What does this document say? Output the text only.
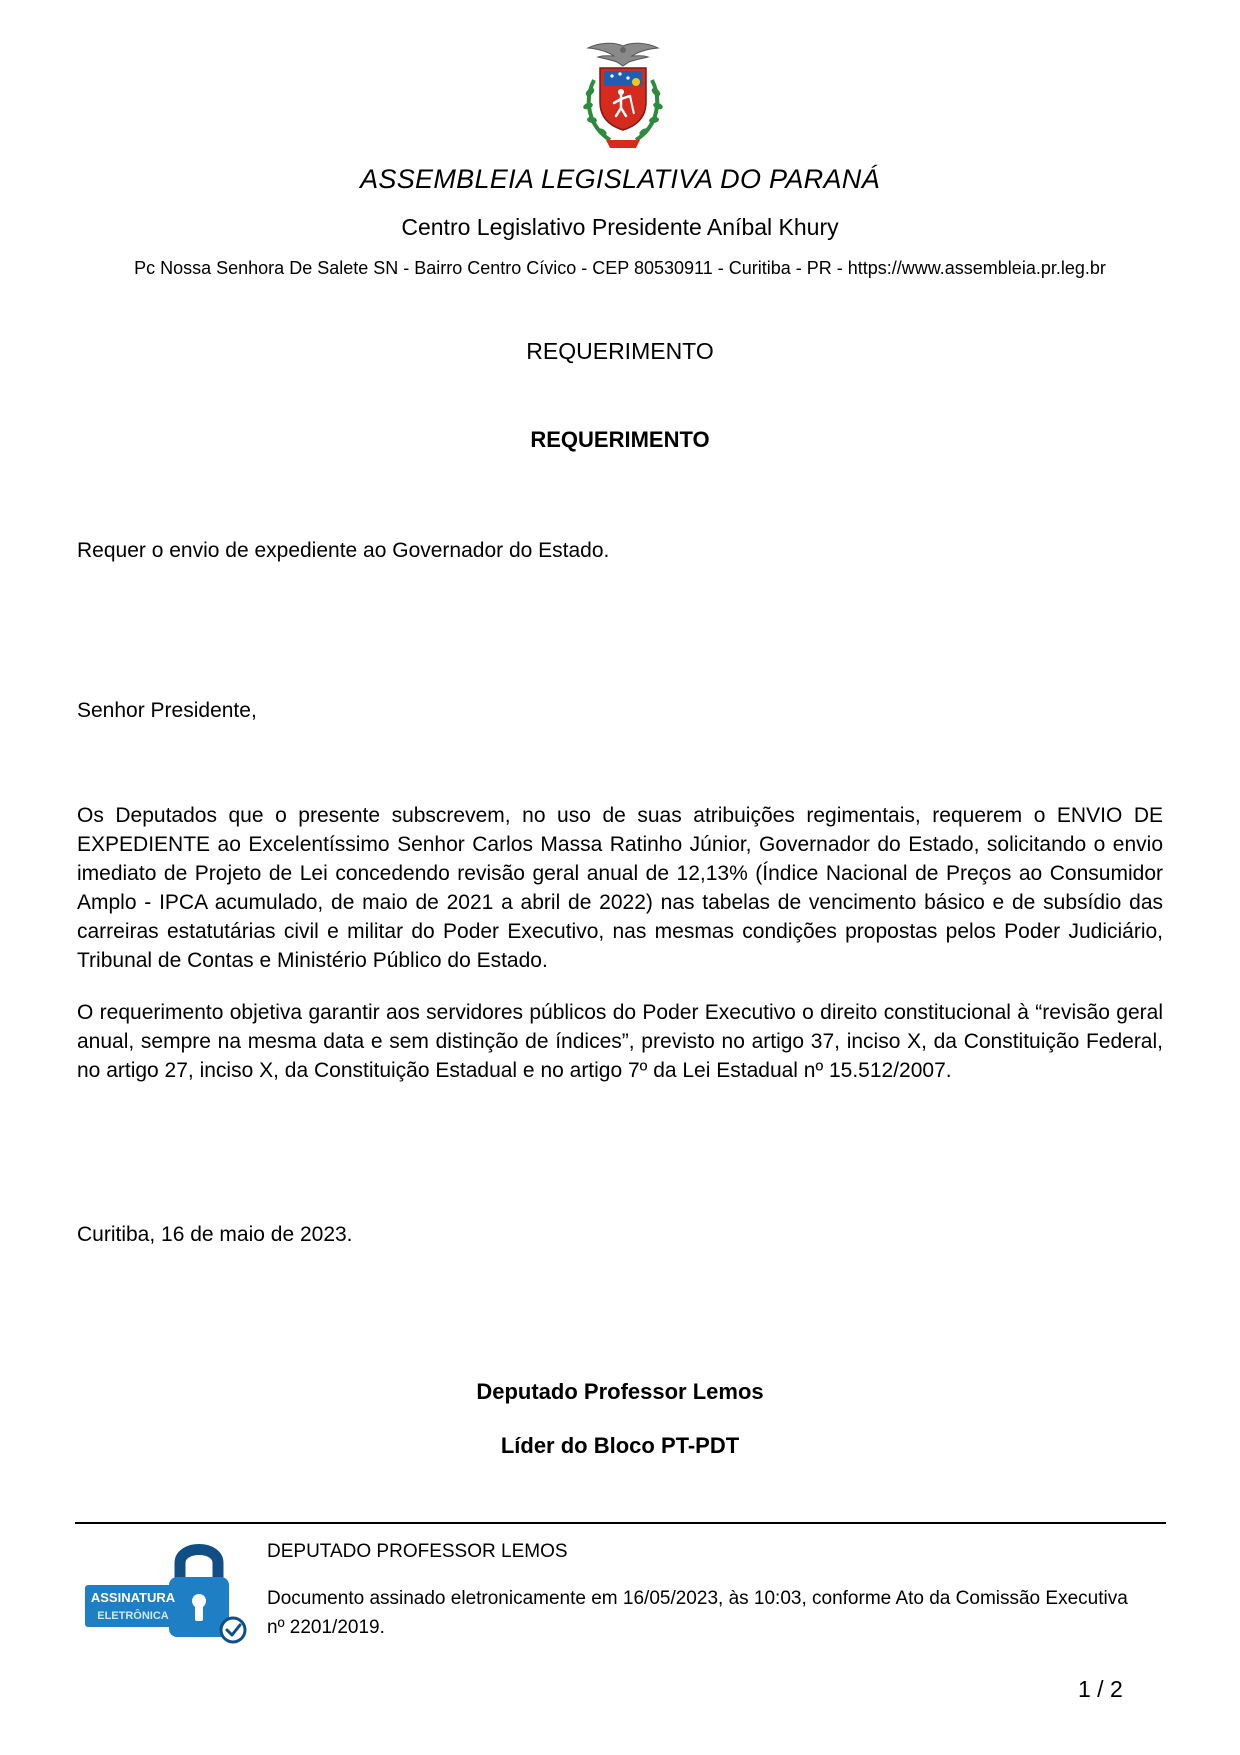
ASSEMBLEIA LEGISLATIVA DO PARANÁ
Centro Legislativo Presidente Aníbal Khury
Pc Nossa Senhora De Salete SN - Bairro Centro Cívico - CEP 80530911 - Curitiba - PR - https://www.assembleia.pr.leg.br
REQUERIMENTO
REQUERIMENTO
Requer o envio de expediente ao Governador do Estado.
Senhor Presidente,
Os Deputados que o presente subscrevem, no uso de suas atribuições regimentais, requerem o ENVIO DE EXPEDIENTE ao Excelentíssimo Senhor Carlos Massa Ratinho Júnior, Governador do Estado, solicitando o envio imediato de Projeto de Lei concedendo revisão geral anual de 12,13% (Índice Nacional de Preços ao Consumidor Amplo - IPCA acumulado, de maio de 2021 a abril de 2022) nas tabelas de vencimento básico e de subsídio das carreiras estatutárias civil e militar do Poder Executivo, nas mesmas condições propostas pelos Poder Judiciário, Tribunal de Contas e Ministério Público do Estado.
O requerimento objetiva garantir aos servidores públicos do Poder Executivo o direito constitucional à “revisão geral anual, sempre na mesma data e sem distinção de índices”, previsto no artigo 37, inciso X, da Constituição Federal, no artigo 27, inciso X, da Constituição Estadual e no artigo 7º da Lei Estadual nº 15.512/2007.
Curitiba, 16 de maio de 2023.
Deputado Professor Lemos
Líder do Bloco PT-PDT
ASSINATURA
ELETRÔNICA
DEPUTADO PROFESSOR LEMOS
Documento assinado eletronicamente em 16/05/2023, às 10:03, conforme Ato da Comissão Executiva nº 2201/2019.
1 / 2
